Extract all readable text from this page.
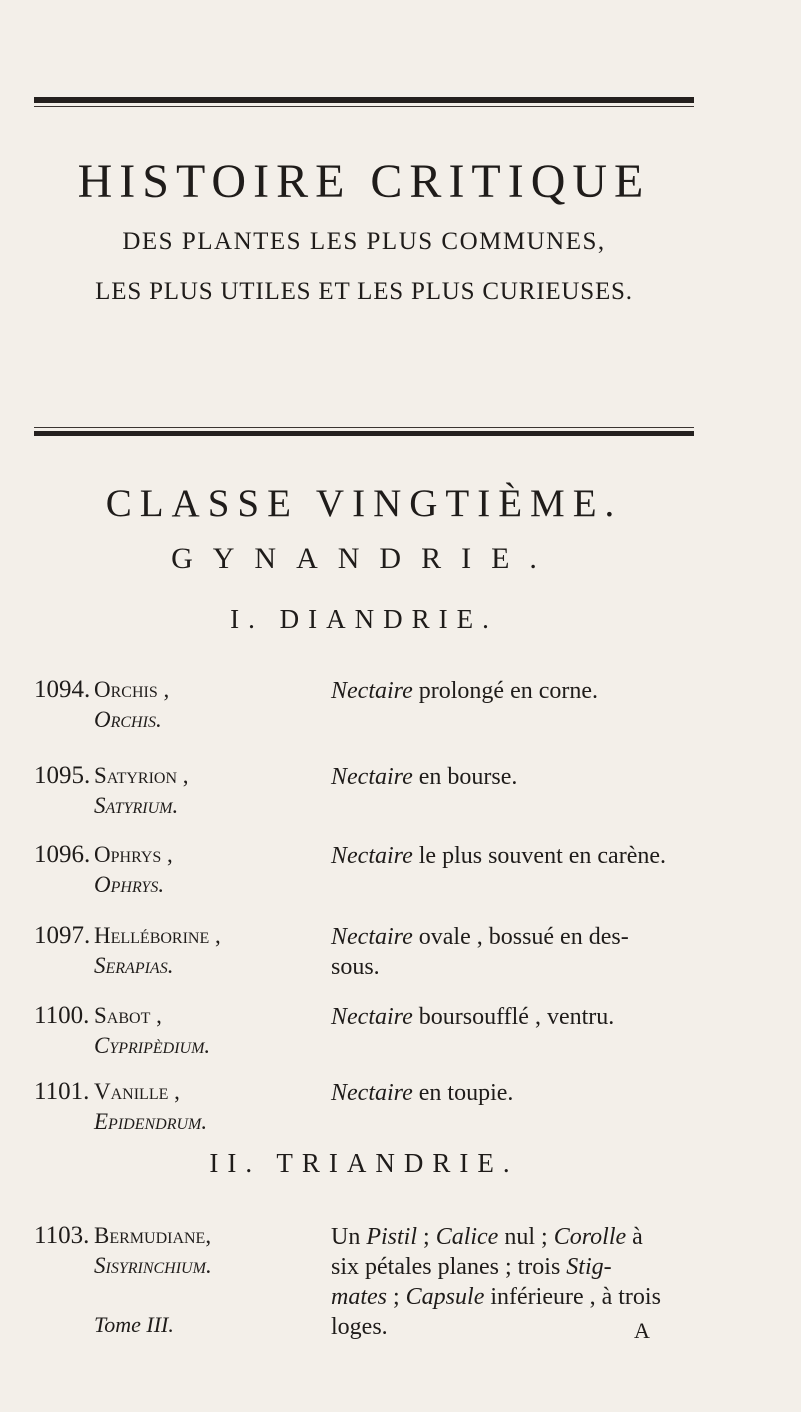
HISTOIRE CRITIQUE
DES PLANTES LES PLUS COMMUNES,
LES PLUS UTILES ET LES PLUS CURIEUSES.
CLASSE VINGTIÈME.
GYNANDRIE.
I. DIANDRIE.
1094. Orchis ,
Orchis.
Nectaire prolongé en corne.
1095. Satyrion ,
Satyrium.
Nectaire en bourse.
1096. Ophrys ,
Ophrys.
Nectaire le plus souvent en carène.
1097. Helléborine ,
Serapias.
Nectaire ovale , bossué en des- sous.
1100. Sabot ,
Cypripèdium.
Nectaire boursoufflé , ventru.
1101. Vanille ,	Nectaire en toupie.
Epidendrum.
II. TRIANDRIE.
1103. Bermudiane,
Sisyrinchium.
Un Pistil ; Calice nul ; Corolle à six pétales planes ; trois Stig- mates ; Capsule inférieure , à trois loges.
Tome III.	A
